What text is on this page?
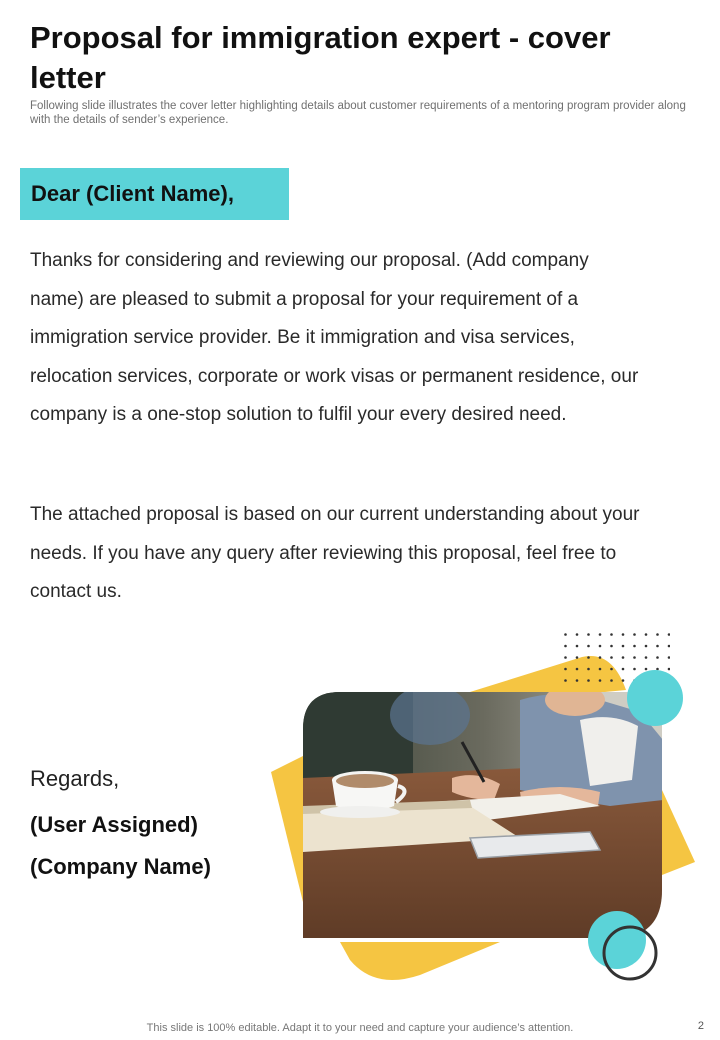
Proposal for immigration expert - cover letter
Following slide illustrates the cover letter highlighting details about customer requirements of a mentoring program provider along with the details of sender’s experience.
Dear (Client Name),

Thanks for considering and reviewing our proposal. (Add company name) are pleased to submit a proposal for your requirement of a immigration service provider. Be it immigration and visa services, relocation services, corporate or work visas or permanent residence, our company is a one-stop solution to fulfil your every desired need.

The attached proposal is based on our current understanding about your needs. If you have any query after reviewing this proposal, feel free to contact us.

Regards,
(User Assigned)
(Company Name)
This slide is 100% editable. Adapt it to your need and capture your audience’s attention.	2
